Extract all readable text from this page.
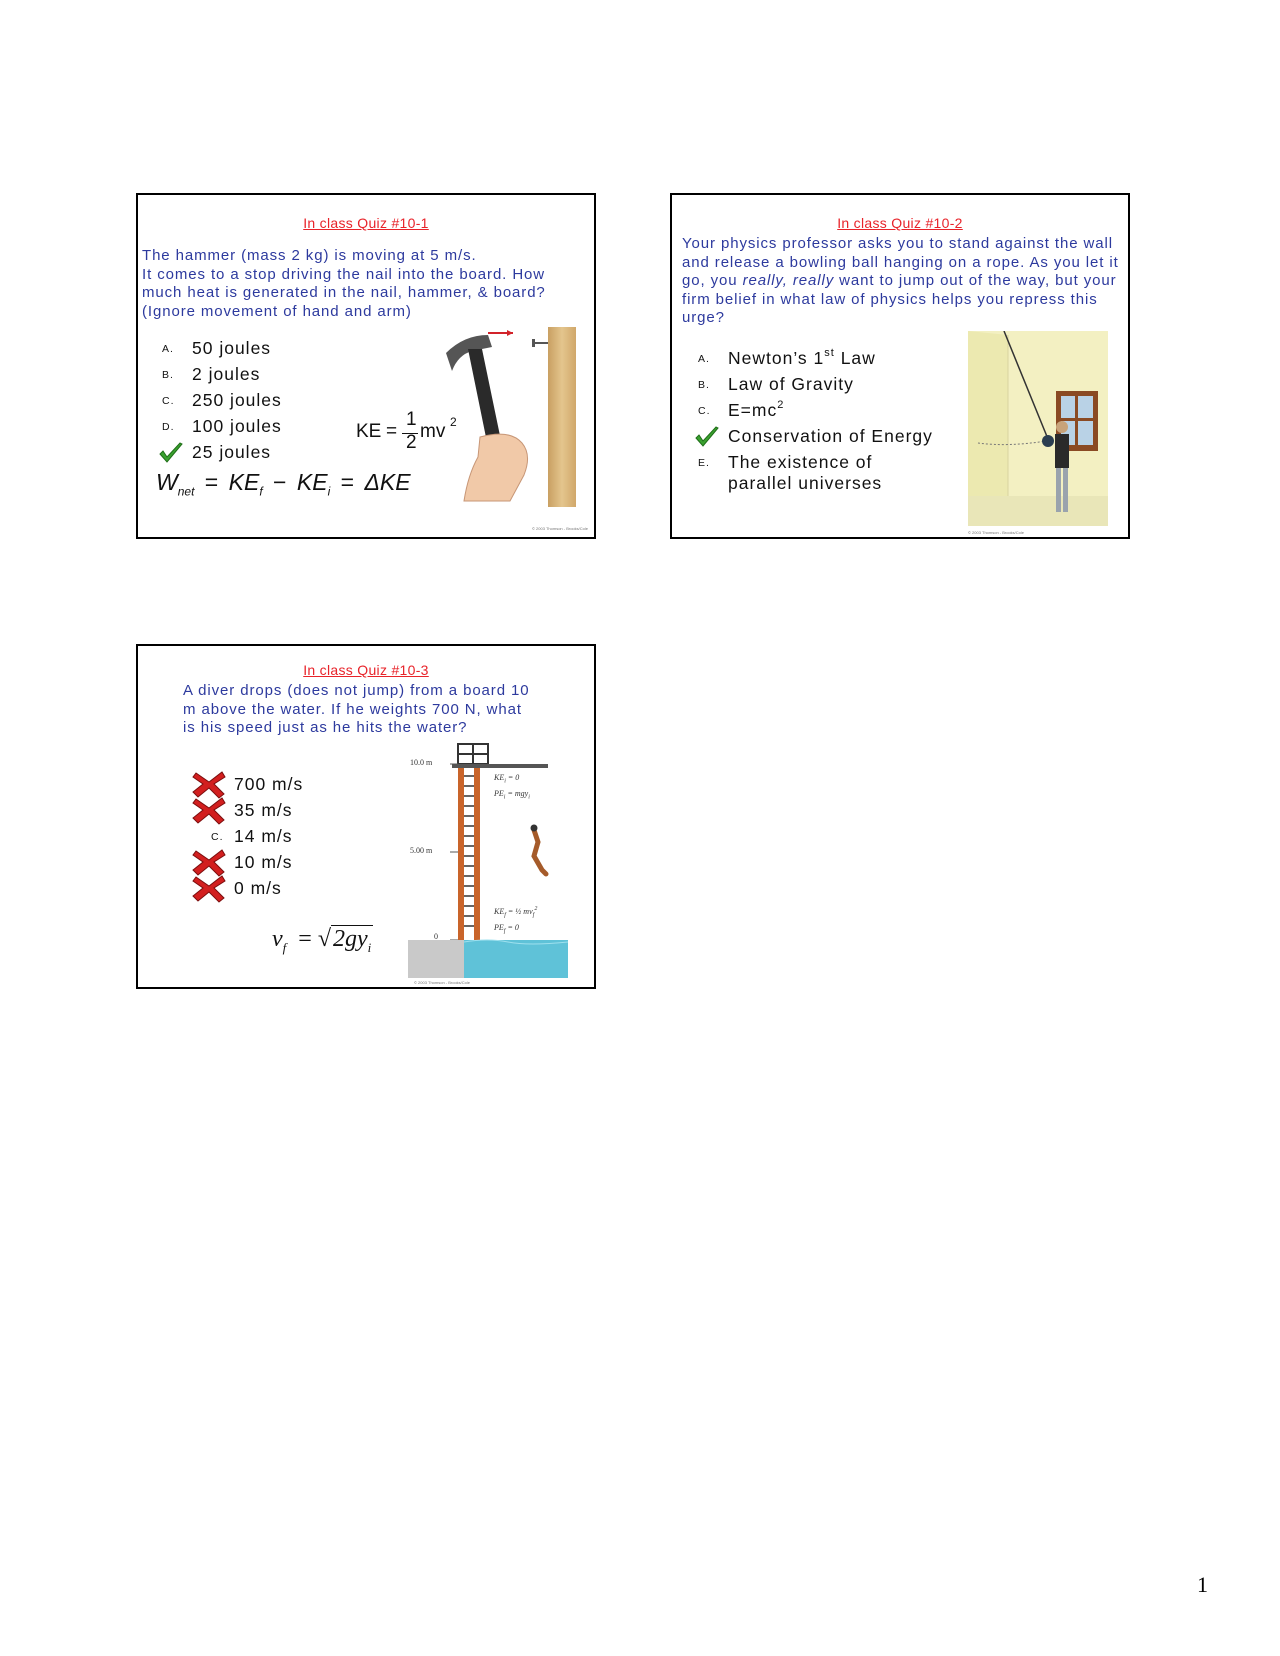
In class Quiz #10-1
The hammer (mass 2 kg) is moving at 5 m/s.
It comes to a stop driving the nail into the board. How
much heat is generated in the nail, hammer, & board?
(Ignore movement of hand and arm)
A.	50 joules
B.	2 joules
C.	250 joules
D.	100 joules
25 joules
KE =
1
2
mv 2
$W_{net} = KE_f - KE_i = \Delta KE$
© 2003 Thomson - Brooks/Cole
In class Quiz #10-2
Your physics professor asks you to stand against the wall and release a bowling ball hanging on a rope. As you let it go, you really, really want to jump out of the way, but your firm belief in what law of physics helps you repress this urge?
A.	Newton’s 1st Law
B.	Law of Gravity
C.	$E=mc^2$
Conservation of Energy
E.	The existence of
parallel universes
© 2003 Thomson - Brooks/Cole
In class Quiz #10-3
A diver drops (does not jump) from a board 10
m above the water. If he weights 700 N, what
is his speed just as he hits the water?
700 m/s
35 m/s
C. 14 m/s
10 m/s
0 m/s
$v_f = √2gy_i$
10.0 m
5.00 m
0
$KE_i = 0$
$PE_i = mgy_i$
$KE_f$ = ½ $mv_f^2$
$PE_f = 0$
© 2003 Thomson - Brooks/Cole
1
